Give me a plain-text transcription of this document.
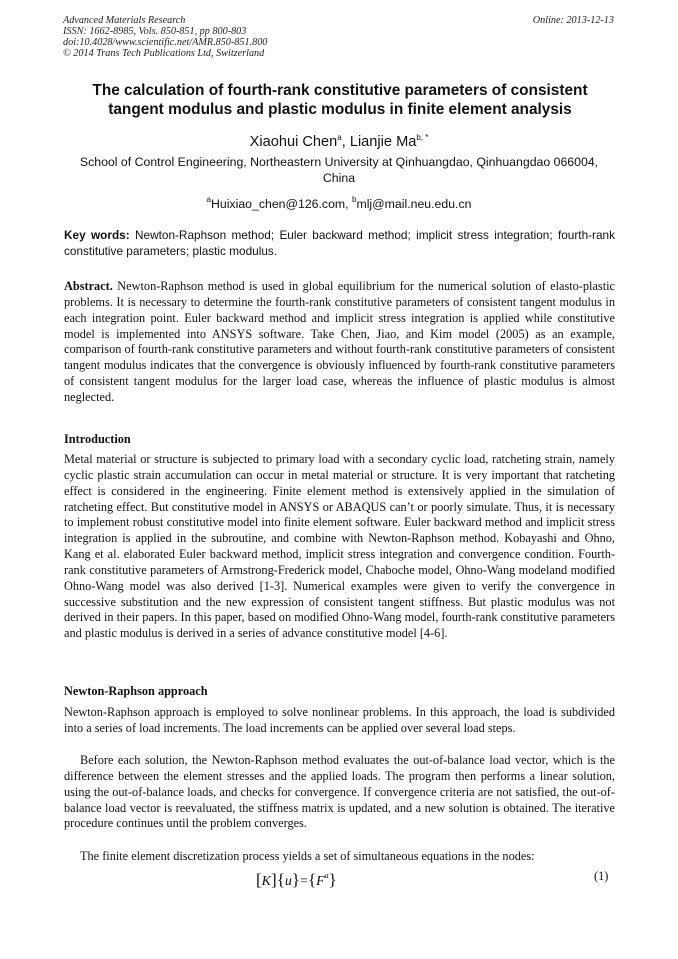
Advanced Materials Research
ISSN: 1662-8985, Vols. 850-851, pp 800-803
doi:10.4028/www.scientific.net/AMR.850-851.800
© 2014 Trans Tech Publications Ltd, Switzerland
Online: 2013-12-13
The calculation of fourth-rank constitutive parameters of consistent tangent modulus and plastic modulus in finite element analysis
Xiaohui Chen$^a$, Lianjie $Ma^{b, *}$
School of Control Engineering, Northeastern University at Qinhuangdao, Qinhuangdao 066004, China
$^a$Huixiao_chen@126.com, $^b$mlj@mail.neu.edu.cn
Key words: Newton-Raphson method; Euler backward method; implicit stress integration; fourth-rank constitutive parameters; plastic modulus.
Abstract. Newton-Raphson method is used in global equilibrium for the numerical solution of elasto-plastic problems. It is necessary to determine the fourth-rank constitutive parameters of consistent tangent modulus in each integration point. Euler backward method and implicit stress integration is applied while constitutive model is implemented into ANSYS software. Take Chen, Jiao, and Kim model (2005) as an example, comparison of fourth-rank constitutive parameters and without fourth-rank constitutive parameters of consistent tangent modulus indicates that the convergence is obviously influenced by fourth-rank constitutive parameters of consistent tangent modulus for the larger load case, whereas the influence of plastic modulus is almost neglected.
Introduction
Metal material or structure is subjected to primary load with a secondary cyclic load, ratcheting strain, namely cyclic plastic strain accumulation can occur in metal material or structure. It is very important that ratcheting effect is considered in the engineering. Finite element method is extensively applied in the simulation of ratcheting effect. But constitutive model in ANSYS or ABAQUS can’t or poorly simulate. Thus, it is necessary to implement robust constitutive model into finite element software. Euler backward method and implicit stress integration is applied in the subroutine, and combine with Newton-Raphson method. Kobayashi and Ohno, Kang et al. elaborated Euler backward method, implicit stress integration and convergence condition. Fourth-rank constitutive parameters of Armstrong-Frederick model, Chaboche model, Ohno-Wang modeland modified Ohno-Wang model was also derived [1-3]. Numerical examples were given to verify the convergence in successive substitution and the new expression of consistent tangent stiffness. But plastic modulus was not derived in their papers. In this paper, based on modified Ohno-Wang model, fourth-rank constitutive parameters and plastic modulus is derived in a series of advance constitutive model [4-6].
Newton-Raphson approach
Newton-Raphson approach is employed to solve nonlinear problems. In this approach, the load is subdivided into a series of load increments. The load increments can be applied over several load steps.
Before each solution, the Newton-Raphson method evaluates the out-of-balance load vector, which is the difference between the element stresses and the applied loads. The program then performs a linear solution, using the out-of-balance loads, and checks for convergence. If convergence criteria are not satisfied, the out-of-balance load vector is reevaluated, the stiffness matrix is updated, and a new solution is obtained. The iterative procedure continues until the problem converges.
The finite element discretization process yields a set of simultaneous equations in the nodes:
$[K]\{u\}=\{F^a\}$	(1)
